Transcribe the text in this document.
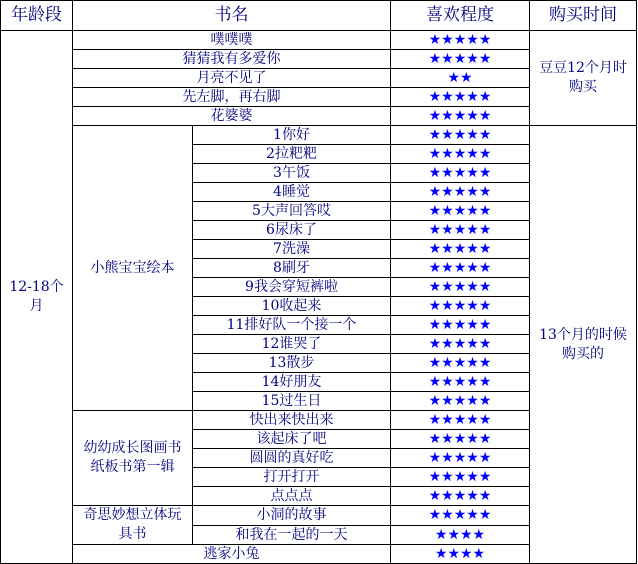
年龄段	书名		喜欢程度	购买时间
12-18个月	噗噗噗		★★★★★	豆豆12个月时购买
	猜猜我有多爱你		★★★★★	
	月亮不见了		★★	
	先左脚，再右脚		★★★★★	
	花婆婆		★★★★★	
	小熊宝宝绘本	1你好	★★★★★	13个月的时候购买的
		2拉粑粑	★★★★★	
		3午饭	★★★★★	
		4睡觉	★★★★★	
		5大声回答哎	★★★★★	
		6尿床了	★★★★★	
		7洗澡	★★★★★	
		8刷牙	★★★★★	
		9我会穿短裤啦	★★★★★	
		10收起来	★★★★★	
		11排好队一个接一个	★★★★★	
		12谁哭了	★★★★★	
		13散步	★★★★★	
		14好朋友	★★★★★	
		15过生日	★★★★★	
	幼幼成长图画书纸板书第一辑	快出来快出来	★★★★★	
		该起床了吧	★★★★★	
		圆圆的真好吃	★★★★★	
		打开打开	★★★★★	
		点点点	★★★★★	
	奇思妙想立体玩具书	小洞的故事	★★★★★	
		和我在一起的一天	★★★★	
	逃家小兔		★★★★	
